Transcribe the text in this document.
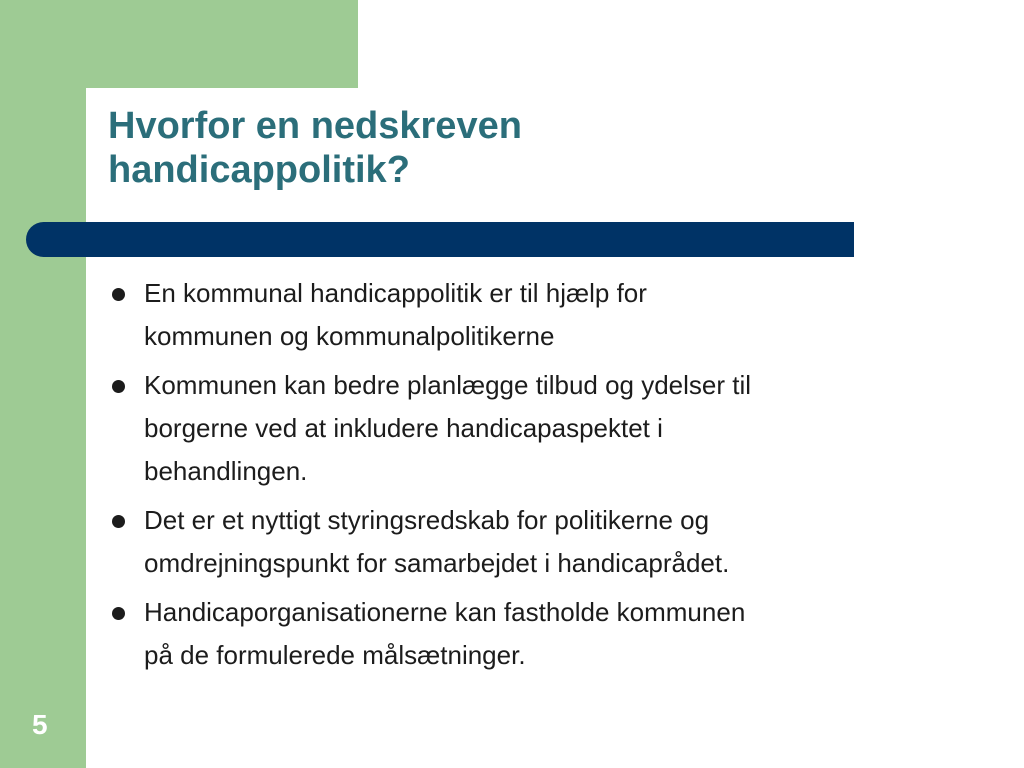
Hvorfor en nedskreven
handicappolitik?
En kommunal handicappolitik er til hjælp for
kommunen og kommunalpolitikerne
Kommunen kan bedre planlægge tilbud og ydelser til
borgerne ved at inkludere handicapaspektet i
behandlingen.
Det er et nyttigt styringsredskab for politikerne og
omdrejningspunkt for samarbejdet i handicaprådet.
Handicaporganisationerne kan fastholde kommunen
på de formulerede målsætninger.
5
